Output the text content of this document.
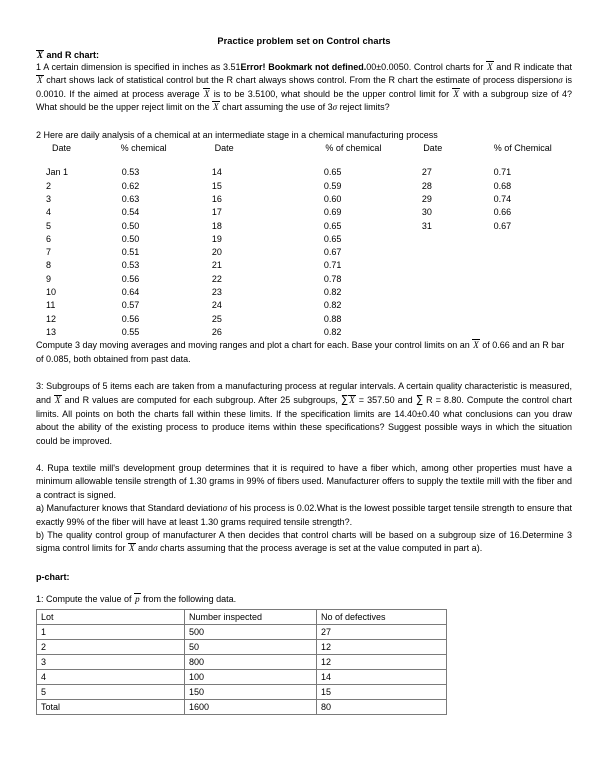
Practice problem set on Control charts
X and R chart:

1 A certain dimension is specified in inches as 3.51Error! Bookmark not defined.00±0.0050. Control charts for X and R indicate that X chart shows lack of statistical control but the R chart always shows control. From the R chart the estimate of process dispersionσ is 0.0010. If the aimed at process average X is to be 3.5100, what should be the upper control limit for X with a subgroup size of 4? What should be the upper reject limit on the X chart assuming the use of 3σ reject limits?

2 Here are daily analysis of a chemical at an intermediate stage in a chemical manufacturing process

Date	% chemical	Date	% of chemical	Date	% of Chemical
Jan 1	0.53	14	0.65	27	0.71
2	0.62	15	0.59	28	0.68
3	0.63	16	0.60	29	0.74
4	0.54	17	0.69	30	0.66
5	0.50	18	0.65	31	0.67
6	0.50	19	0.65
7	0.51	20	0.67
8	0.53	21	0.71
9	0.56	22	0.78
10	0.64	23	0.82
11	0.57	24	0.82
12	0.56	25	0.88
13	0.55	26	0.82

Compute 3 day moving averages and moving ranges and plot a chart for each. Base your control limits on an X of 0.66 and an R bar of 0.085, both obtained from past data.

3: Subgroups of 5 items each are taken from a manufacturing process at regular intervals. A certain quality characteristic is measured, and X and R values are computed for each subgroup. After 25 subgroups, ∑ X = 357.50 and ∑ R = 8.80. Compute the control chart limits. All points on both the charts fall within these limits. If the specification limits are 14.40±0.40 what conclusions can you draw about the ability of the existing process to produce items within these specifications? Suggest possible ways in which the situation could be improved.

4. Rupa textile mill's development group determines that it is required to have a fiber which, among other properties must have a minimum allowable tensile strength of 1.30 grams in 99% of fibers used. Manufacturer offers to supply the textile mill with the fiber and a contract is signed.

a) Manufacturer knows that Standard deviationσ of his process is 0.02.What is the lowest possible target tensile strength to ensure that exactly 99% of the fiber will have at least 1.30 grams required tensile strength?.

b) The quality control group of manufacturer A then decides that control charts will be based on a subgroup size of 16.Determine 3 sigma control limits for X andσ charts assuming that the process average is set at the value computed in part a).

p-chart:

1: Compute the value of p from the following data.

Lot	Number inspected	No of defectives
1	500	27
2	50	12
3	800	12
4	100	14
5	150	15
Total	1600	80
